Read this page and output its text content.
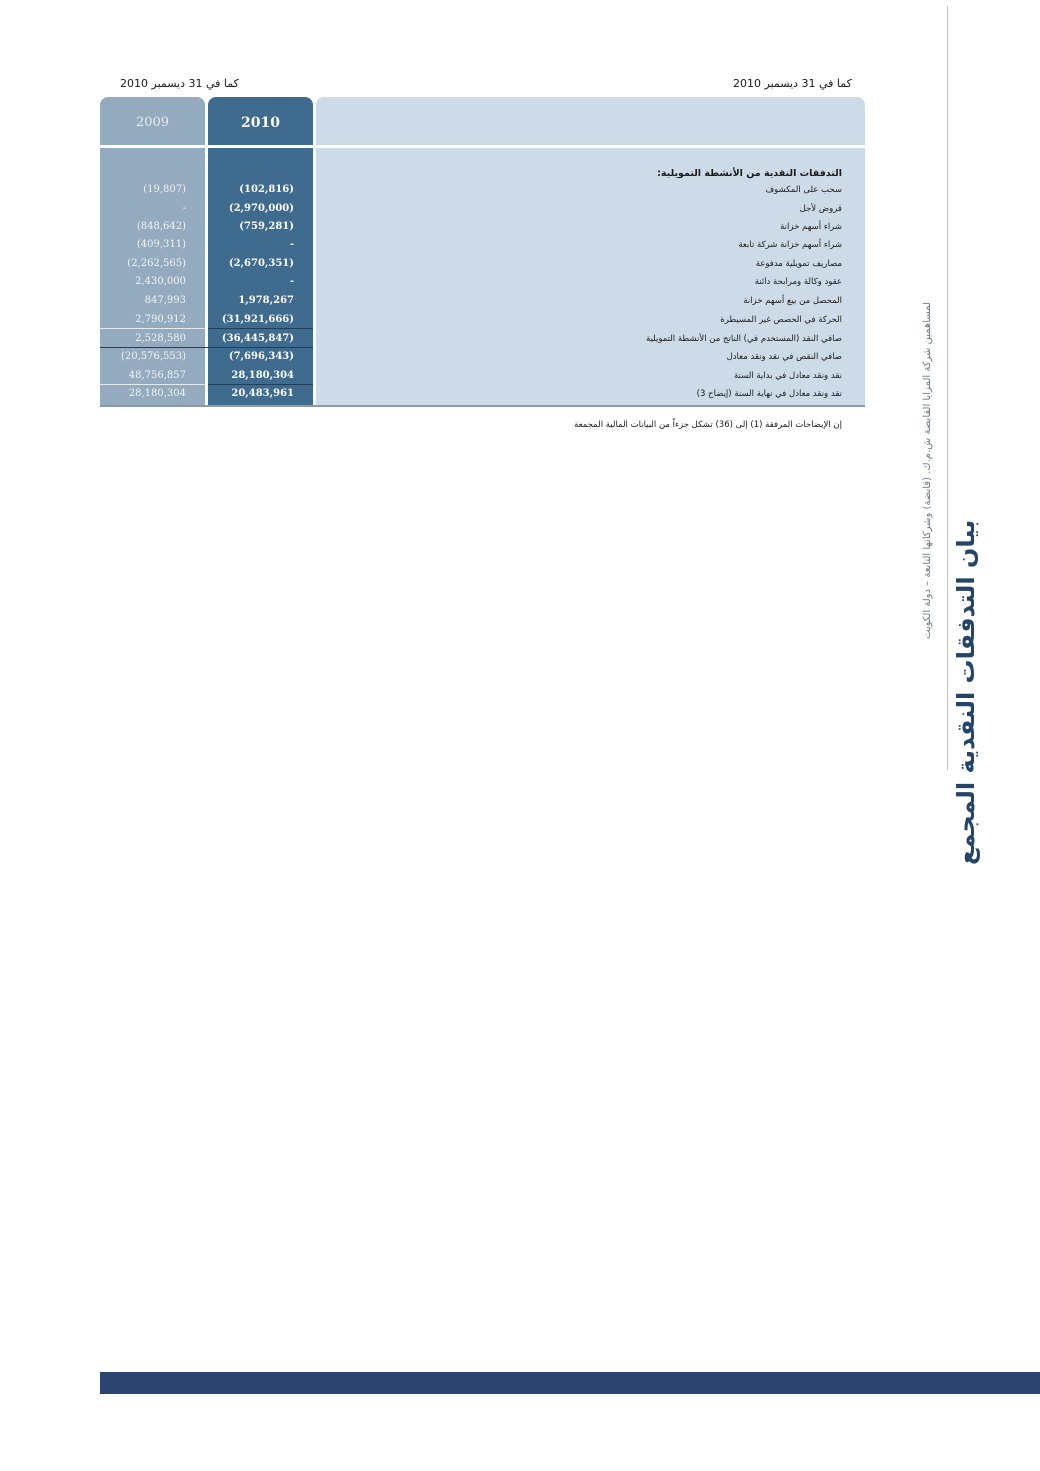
كما في 31 ديسمبر 2010	كما في 31 ديسمبر 2010
2010
2009
التدفقات النقدية من الأنشطة التمويلية:
سحب على المكشوف
(102,816)
(19,807)
قروض لأجل
(2,970,000)
-
شراء أسهم خزانة
(759,281)
(848,642)
شراء أسهم خزانة شركة تابعة
-
(409,311)
مصاريف تمويلية مدفوعة
(2,670,351)
(2,262,565)
عقود وكالة ومرابحة دائنة
-
2,430,000
المحصل من بيع أسهم خزانة
1,978,267
847,993
الحركة في الحصص غير المسيطرة
(31,921,666)
2,790,912
صافي النقد (المستخدم في) الناتج من الأنشطة التمويلية
(36,445,847)
2,528,580
صافي النقص في نقد ونقد معادل
(7,696,343)
(20,576,553)
نقد ونقد معادل في بداية السنة
28,180,304
48,756,857
نقد ونقد معادل في نهاية السنة (إيضاح 3)
20,483,961
28,180,304
إن الإيضاحات المرفقة (1) إلى (36) تشكل جزءاً من البيانات المالية المجمعة
بيان التدفقات النقدية المجمع
لمساهمين شركة المزايا القابضة ش.م.ك. (قابضة) وشركاتها التابعة – دولة الكويت
